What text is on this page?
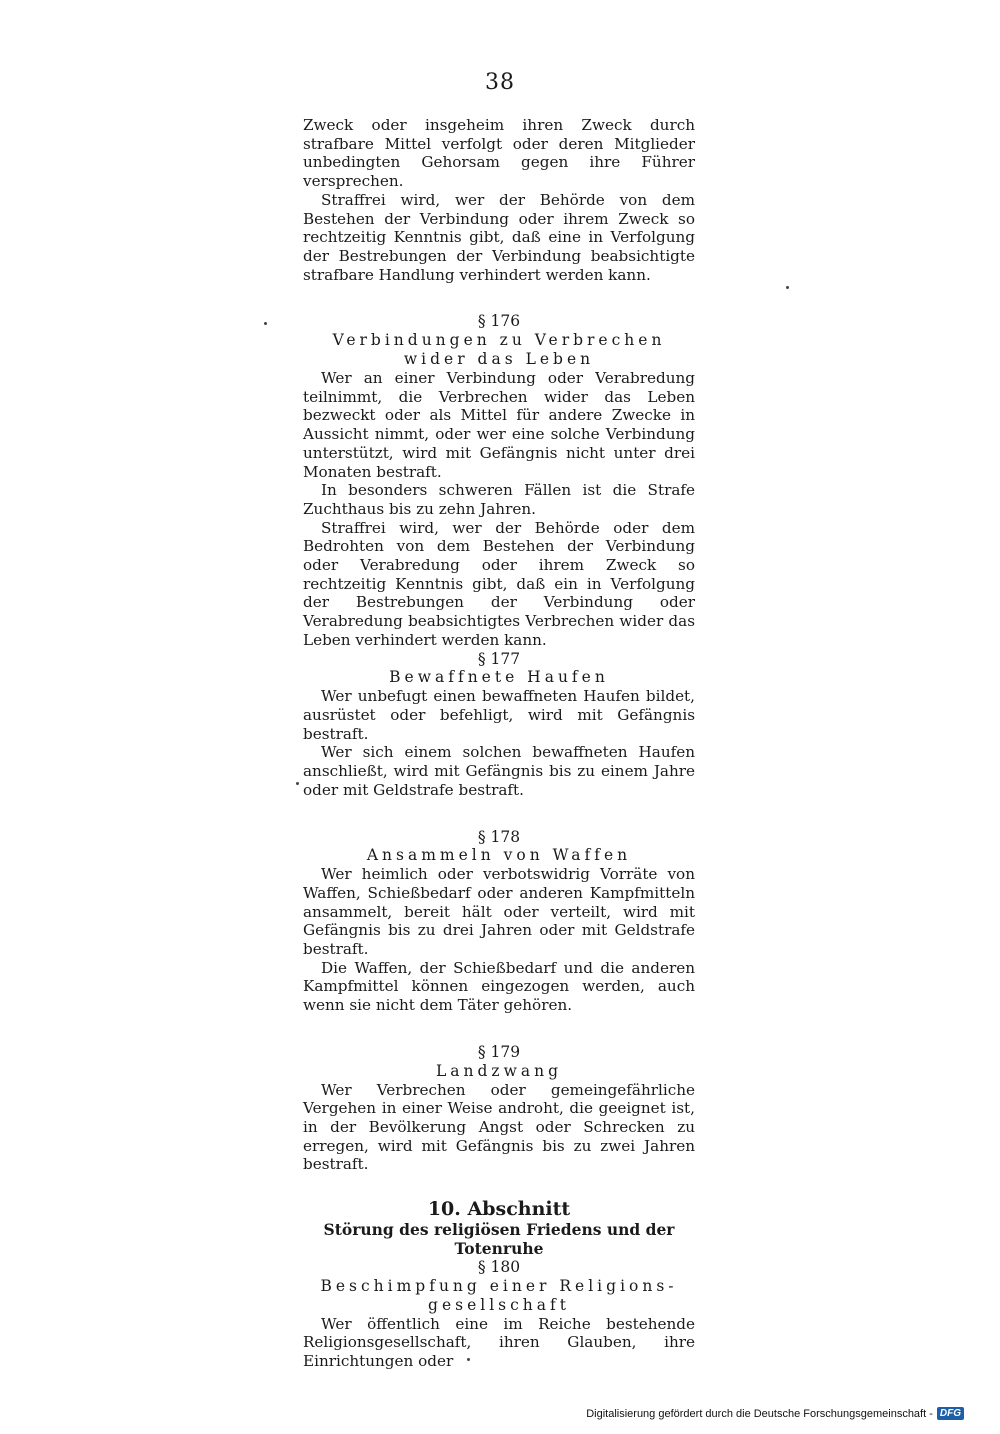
38

Zweck oder insgeheim ihren Zweck durch strafbare Mittel verfolgt oder deren Mitglieder unbedingten Gehorsam gegen ihre Führer versprechen.

Straffrei wird, wer der Behörde von dem Bestehen der Verbindung oder ihrem Zweck so rechtzeitig Kenntnis gibt, daß eine in Verfolgung der Bestrebungen der Verbindung beabsichtigte strafbare Handlung verhindert werden kann.

§ 176
Verbindungen zu Verbrechen
wider das Leben

Wer an einer Verbindung oder Verabredung teilnimmt, die Verbrechen wider das Leben bezweckt oder als Mittel für andere Zwecke in Aussicht nimmt, oder wer eine solche Verbindung unterstützt, wird mit Gefängnis nicht unter drei Monaten bestraft.

In besonders schweren Fällen ist die Strafe Zuchthaus bis zu zehn Jahren.

Straffrei wird, wer der Behörde oder dem Bedrohten von dem Bestehen der Verbindung oder Verabredung oder ihrem Zweck so rechtzeitig Kenntnis gibt, daß ein in Verfolgung der Bestrebungen der Verbindung oder Verabredung beabsichtigtes Verbrechen wider das Leben verhindert werden kann.

§ 177
Bewaffnete Haufen

Wer unbefugt einen bewaffneten Haufen bildet, ausrüstet oder befehligt, wird mit Gefängnis bestraft.

Wer sich einem solchen bewaffneten Haufen anschließt, wird mit Gefängnis bis zu einem Jahre oder mit Geldstrafe bestraft.

§ 178
Ansammeln von Waffen

Wer heimlich oder verbotswidrig Vorräte von Waffen, Schießbedarf oder anderen Kampfmitteln ansammelt, bereit hält oder verteilt, wird mit Gefängnis bis zu drei Jahren oder mit Geldstrafe bestraft.

Die Waffen, der Schießbedarf und die anderen Kampfmittel können eingezogen werden, auch wenn sie nicht dem Täter gehören.

§ 179
Landzwang

Wer Verbrechen oder gemeingefährliche Vergehen in einer Weise androht, die geeignet ist, in der Bevölkerung Angst oder Schrecken zu erregen, wird mit Gefängnis bis zu zwei Jahren bestraft.

10. Abschnitt
Störung des religiösen Friedens und der
Totenruhe
§ 180
Beschimpfung einer Religions-
gesellschaft

Wer öffentlich eine im Reiche bestehende Religionsgesellschaft, ihren Glauben, ihre Einrichtungen oder

Digitalisierung gefördert durch die Deutsche Forschungsgemeinschaft - DFG
